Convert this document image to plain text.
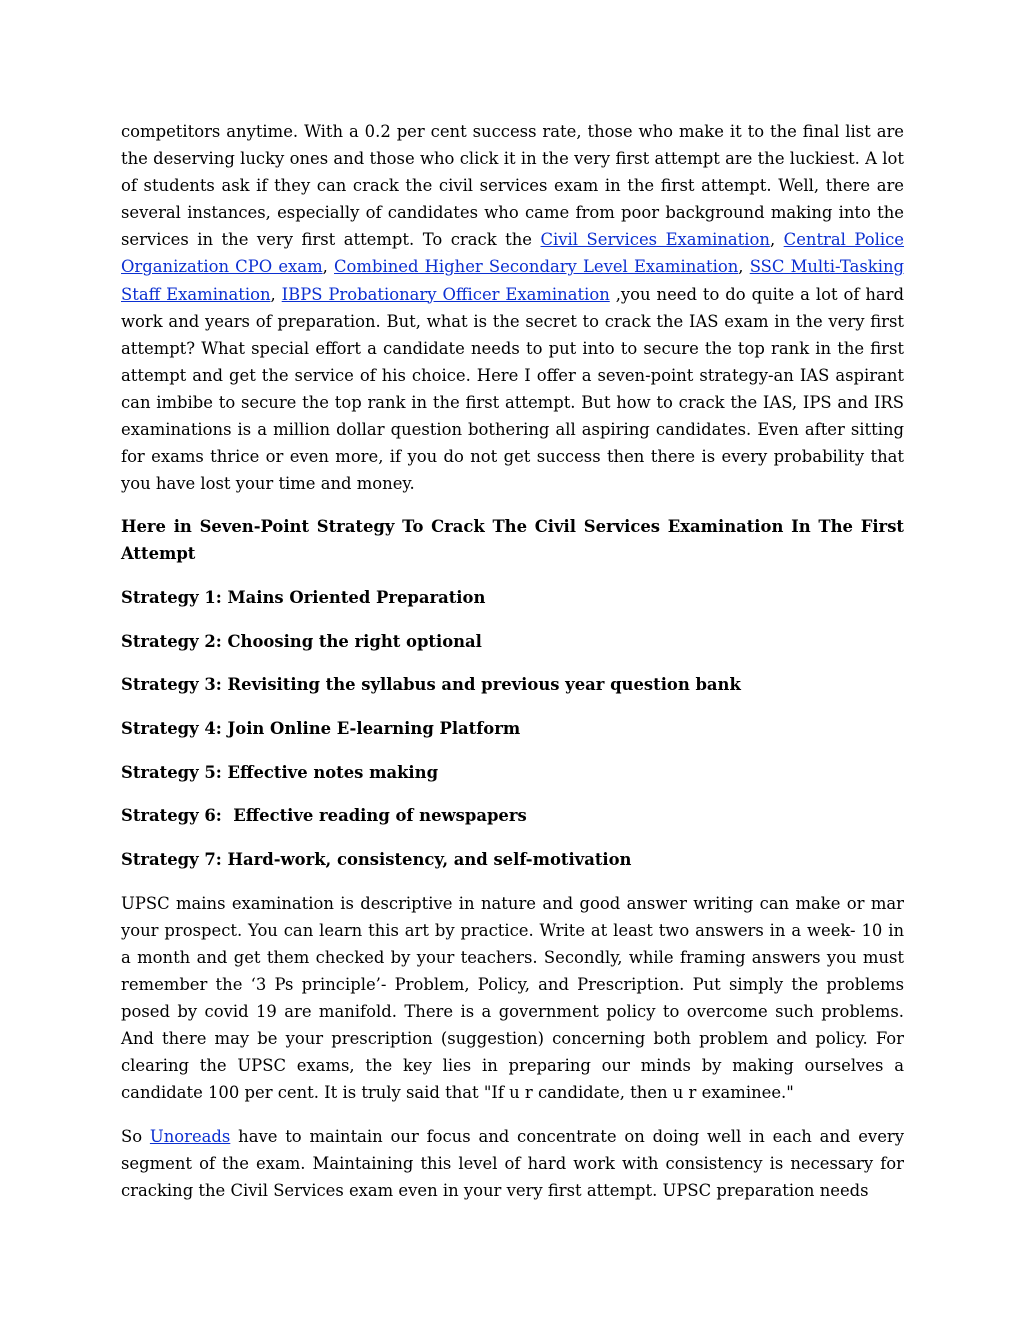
competitors anytime. With a 0.2 per cent success rate, those who make it to the final list are the deserving lucky ones and those who click it in the very first attempt are the luckiest. A lot of students ask if they can crack the civil services exam in the first attempt. Well, there are several instances, especially of candidates who came from poor background making into the services in the very first attempt. To crack the Civil Services Examination, Central Police Organization CPO exam, Combined Higher Secondary Level Examination, SSC Multi-Tasking Staff Examination, IBPS Probationary Officer Examination ,you need to do quite a lot of hard work and years of preparation. But, what is the secret to crack the IAS exam in the very first attempt? What special effort a candidate needs to put into to secure the top rank in the first attempt and get the service of his choice. Here I offer a seven-point strategy-an IAS aspirant can imbibe to secure the top rank in the first attempt. But how to crack the IAS, IPS and IRS examinations is a million dollar question bothering all aspiring candidates. Even after sitting for exams thrice or even more, if you do not get success then there is every probability that you have lost your time and money.

Here in Seven-Point Strategy To Crack The Civil Services Examination In The First Attempt

Strategy 1: Mains Oriented Preparation

Strategy 2: Choosing the right optional

Strategy 3: Revisiting the syllabus and previous year question bank

Strategy 4: Join Online E-learning Platform

Strategy 5: Effective notes making

Strategy 6:  Effective reading of newspapers

Strategy 7: Hard-work, consistency, and self-motivation

UPSC mains examination is descriptive in nature and good answer writing can make or mar your prospect. You can learn this art by practice. Write at least two answers in a week- 10 in a month and get them checked by your teachers. Secondly, while framing answers you must remember the ‘3 Ps principle’- Problem, Policy, and Prescription. Put simply the problems posed by covid 19 are manifold. There is a government policy to overcome such problems. And there may be your prescription (suggestion) concerning both problem and policy. For clearing the UPSC exams, the key lies in preparing our minds by making ourselves a candidate 100 per cent. It is truly said that "If u r candidate, then u r examinee."

So Unoreads have to maintain our focus and concentrate on doing well in each and every segment of the exam. Maintaining this level of hard work with consistency is necessary for cracking the Civil Services exam even in your very first attempt. UPSC preparation needs
